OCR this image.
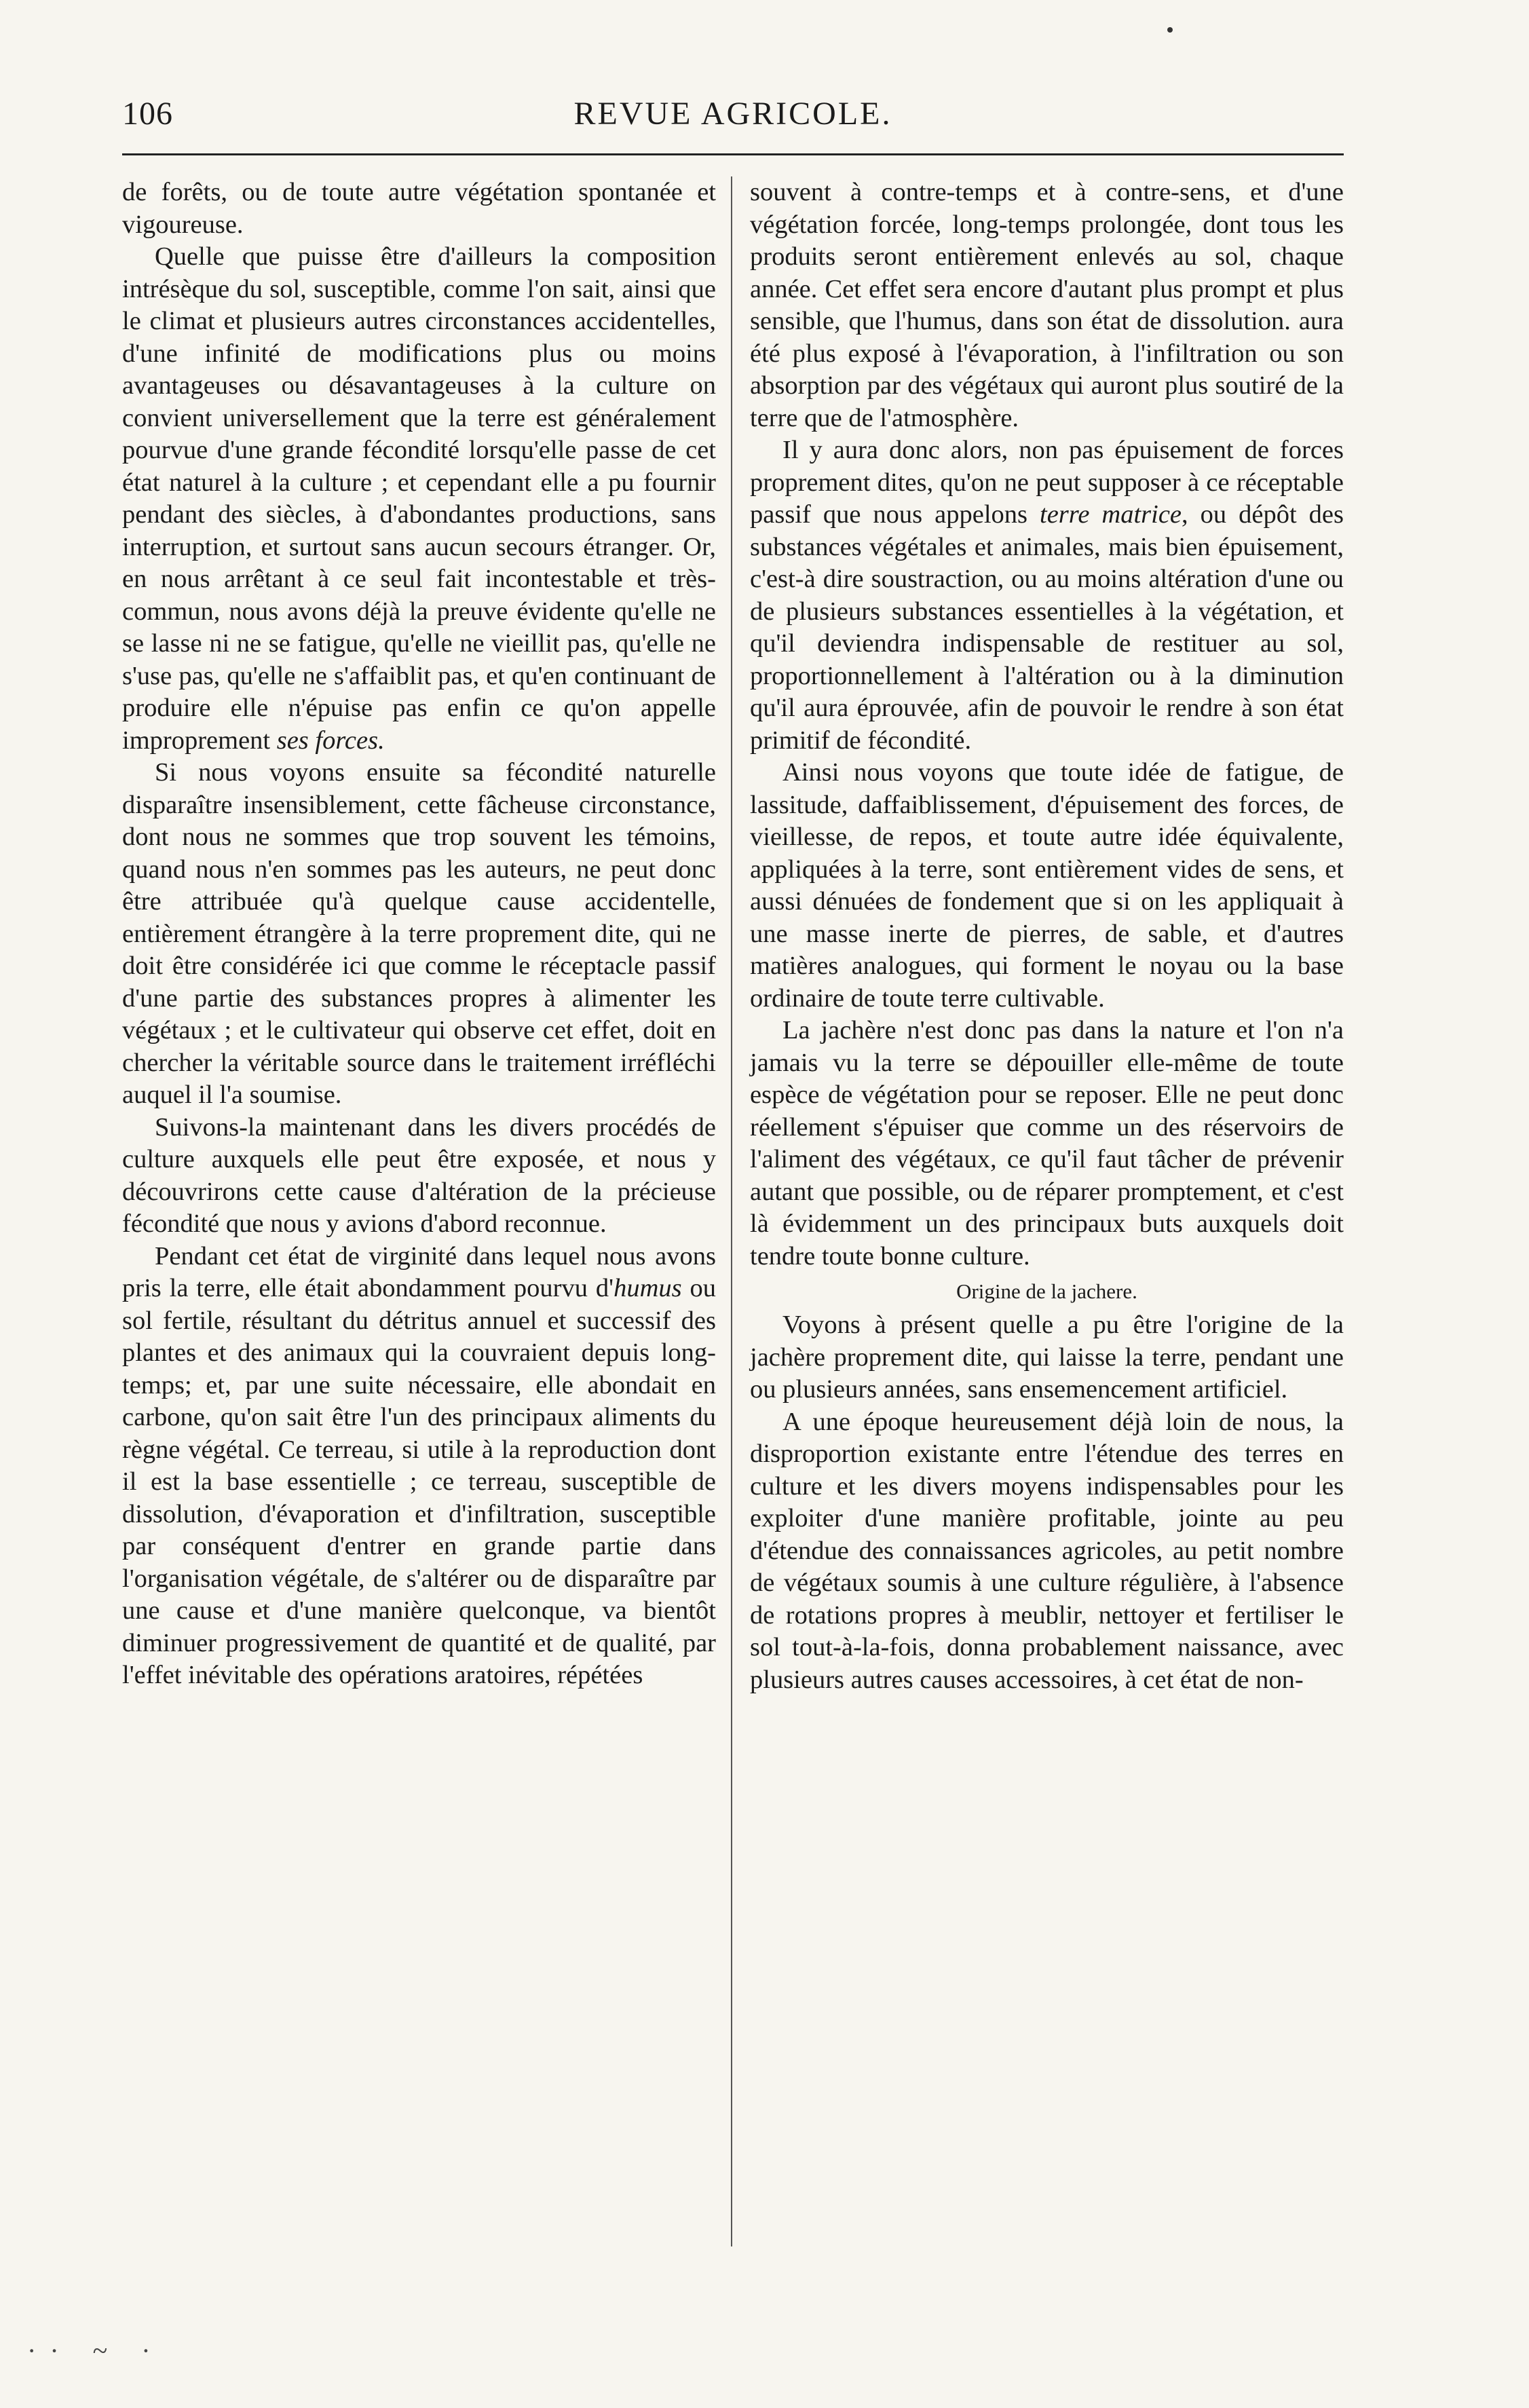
106	REVUE AGRICOLE.

de forêts, ou de toute autre végétation spontanée et vigoureuse.

Quelle que puisse être d'ailleurs la composition intrésèque du sol, susceptible, comme l'on sait, ainsi que le climat et plusieurs autres circonstances accidentelles, d'une infinité de modifications plus ou moins avantageuses ou désavantageuses à la culture on convient universellement que la terre est généralement pourvue d'une grande fécondité lorsqu'elle passe de cet état naturel à la culture ; et cependant elle a pu fournir pendant des siècles, à d'abondantes productions, sans interruption, et surtout sans aucun secours étranger. Or, en nous arrêtant à ce seul fait incontestable et très-commun, nous avons déjà la preuve évidente qu'elle ne se lasse ni ne se fatigue, qu'elle ne vieillit pas, qu'elle ne s'use pas, qu'elle ne s'affaiblit pas, et qu'en continuant de produire elle n'épuise pas enfin ce qu'on appelle improprement ses forces.

Si nous voyons ensuite sa fécondité naturelle disparaître insensiblement, cette fâcheuse circonstance, dont nous ne sommes que trop souvent les témoins, quand nous n'en sommes pas les auteurs, ne peut donc être attribuée qu'à quelque cause accidentelle, entièrement étrangère à la terre proprement dite, qui ne doit être considérée ici que comme le réceptacle passif d'une partie des substances propres à alimenter les végétaux ; et le cultivateur qui observe cet effet, doit en chercher la véritable source dans le traitement irréfléchi auquel il l'a soumise.

Suivons-la maintenant dans les divers procédés de culture auxquels elle peut être exposée, et nous y découvrirons cette cause d'altération de la précieuse fécondité que nous y avions d'abord reconnue.

Pendant cet état de virginité dans lequel nous avons pris la terre, elle était abondamment pourvu d'humus ou sol fertile, résultant du détritus annuel et successif des plantes et des animaux qui la couvraient depuis long-temps; et, par une suite nécessaire, elle abondait en carbone, qu'on sait être l'un des principaux aliments du règne végétal. Ce terreau, si utile à la reproduction dont il est la base essentielle ; ce terreau, susceptible de dissolution, d'évaporation et d'infiltration, susceptible par conséquent d'entrer en grande partie dans l'organisation végétale, de s'altérer ou de disparaître par une cause et d'une manière quelconque, va bientôt diminuer progressivement de quantité et de qualité, par l'effet inévitable des opérations aratoires, répétées

souvent à contre-temps et à contre-sens, et d'une végétation forcée, long-temps prolongée, dont tous les produits seront entièrement enlevés au sol, chaque année. Cet effet sera encore d'autant plus prompt et plus sensible, que l'humus, dans son état de dissolution. aura été plus exposé à l'évaporation, à l'infiltration ou son absorption par des végétaux qui auront plus soutiré de la terre que de l'atmosphère.

Il y aura donc alors, non pas épuisement de forces proprement dites, qu'on ne peut supposer à ce réceptable passif que nous appelons terre matrice, ou dépôt des substances végétales et animales, mais bien épuisement, c'est-à dire soustraction, ou au moins altération d'une ou de plusieurs substances essentielles à la végétation, et qu'il deviendra indispensable de restituer au sol, proportionnellement à l'altération ou à la diminution qu'il aura éprouvée, afin de pouvoir le rendre à son état primitif de fécondité.

Ainsi nous voyons que toute idée de fatigue, de lassitude, daffaiblissement, d'épuisement des forces, de vieillesse, de repos, et toute autre idée équivalente, appliquées à la terre, sont entièrement vides de sens, et aussi dénuées de fondement que si on les appliquait à une masse inerte de pierres, de sable, et d'autres matières analogues, qui forment le noyau ou la base ordinaire de toute terre cultivable.

La jachère n'est donc pas dans la nature et l'on n'a jamais vu la terre se dépouiller elle-même de toute espèce de végétation pour se reposer. Elle ne peut donc réellement s'épuiser que comme un des réservoirs de l'aliment des végétaux, ce qu'il faut tâcher de prévenir autant que possible, ou de réparer promptement, et c'est là évidemment un des principaux buts auxquels doit tendre toute bonne culture.

Origine de la jachere.

Voyons à présent quelle a pu être l'origine de la jachère proprement dite, qui laisse la terre, pendant une ou plusieurs années, sans ensemencement artificiel.

A une époque heureusement déjà loin de nous, la disproportion existante entre l'étendue des terres en culture et les divers moyens indispensables pour les exploiter d'une manière profitable, jointe au peu d'étendue des connaissances agricoles, au petit nombre de végétaux soumis à une culture régulière, à l'absence de rotations propres à meublir, nettoyer et fertiliser le sol tout-à-la-fois, donna probablement naissance, avec plusieurs autres causes accessoires, à cet état de non-

·· ~ ·
